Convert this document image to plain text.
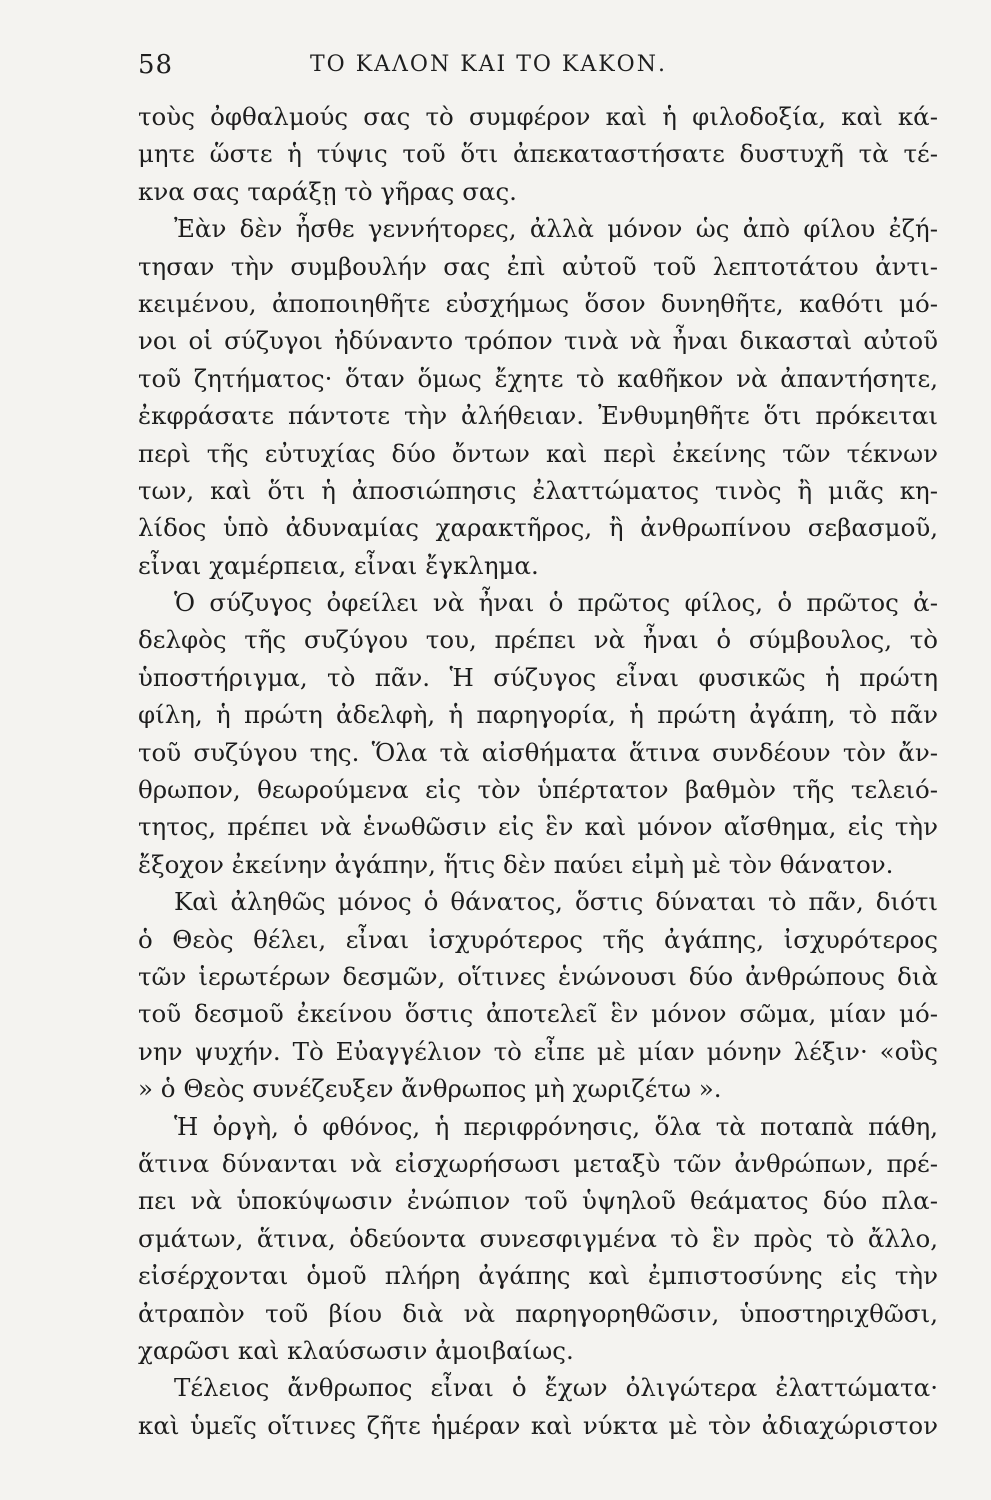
58	ΤΟ ΚΑΛΟΝ ΚΑΙ ΤΟ ΚΑΚΟΝ.
τοὺς ὀφθαλμούς σας τὸ συμφέρον καὶ ἡ φιλοδοξία, καὶ κά-
μητε ὥστε ἡ τύψις τοῦ ὅτι ἀπεκαταστήσατε δυστυχῆ τὰ τέ-
κνα σας ταράξῃ τὸ γῆρας σας.
Ἐὰν δὲν ἦσθε γεννήτορες, ἀλλὰ μόνον ὡς ἀπὸ φίλου ἐζή-
τησαν τὴν συμβουλήν σας ἐπὶ αὐτοῦ τοῦ λεπτοτάτου ἀντι-
κειμένου, ἀποποιηθῆτε εὐσχήμως ὅσον δυνηθῆτε, καθότι μό-
νοι οἱ σύζυγοι ἠδύναντο τρόπον τινὰ νὰ ἦναι δικασταὶ αὐτοῦ
τοῦ ζητήματος· ὅταν ὅμως ἔχητε τὸ καθῆκον νὰ ἀπαντήσητε,
ἐκφράσατε πάντοτε τὴν ἀλήθειαν. Ἐνθυμηθῆτε ὅτι πρόκειται
περὶ τῆς εὐτυχίας δύο ὄντων καὶ περὶ ἐκείνης τῶν τέκνων
των, καὶ ὅτι ἡ ἀποσιώπησις ἐλαττώματος τινὸς ἢ μιᾶς κη-
λίδος ὑπὸ ἀδυναμίας χαρακτῆρος, ἢ ἀνθρωπίνου σεβασμοῦ,
εἶναι χαμέρπεια, εἶναι ἔγκλημα.
Ὁ σύζυγος ὀφείλει νὰ ἦναι ὁ πρῶτος φίλος, ὁ πρῶτος ἀ-
δελφὸς τῆς συζύγου του, πρέπει νὰ ἦναι ὁ σύμβουλος, τὸ
ὑποστήριγμα, τὸ πᾶν. Ἡ σύζυγος εἶναι φυσικῶς ἡ πρώτη
φίλη, ἡ πρώτη ἀδελφὴ, ἡ παρηγορία, ἡ πρώτη ἀγάπη, τὸ πᾶν
τοῦ συζύγου της. Ὅλα τὰ αἰσθήματα ἅτινα συνδέουν τὸν ἄν-
θρωπον, θεωρούμενα εἰς τὸν ὑπέρτατον βαθμὸν τῆς τελειό-
τητος, πρέπει νὰ ἑνωθῶσιν εἰς ἓν καὶ μόνον αἴσθημα, εἰς τὴν
ἔξοχον ἐκείνην ἀγάπην, ἥτις δὲν παύει εἰμὴ μὲ τὸν θάνατον.
Καὶ ἀληθῶς μόνος ὁ θάνατος, ὅστις δύναται τὸ πᾶν, διότι
ὁ Θεὸς θέλει, εἶναι ἰσχυρότερος τῆς ἀγάπης, ἰσχυρότερος
τῶν ἱερωτέρων δεσμῶν, οἵτινες ἑνώνουσι δύο ἀνθρώπους διὰ
τοῦ δεσμοῦ ἐκείνου ὅστις ἀποτελεῖ ἓν μόνον σῶμα, μίαν μό-
νην ψυχήν. Τὸ Εὐαγγέλιον τὸ εἶπε μὲ μίαν μόνην λέξιν· «οὓς
» ὁ Θεὸς συνέζευξεν ἄνθρωπος μὴ χωριζέτω ».
Ἡ ὀργὴ, ὁ φθόνος, ἡ περιφρόνησις, ὅλα τὰ ποταπὰ πάθη,
ἅτινα δύνανται νὰ εἰσχωρήσωσι μεταξὺ τῶν ἀνθρώπων, πρέ-
πει νὰ ὑποκύψωσιν ἐνώπιον τοῦ ὑψηλοῦ θεάματος δύο πλα-
σμάτων, ἅτινα, ὁδεύοντα συνεσφιγμένα τὸ ἓν πρὸς τὸ ἄλλο,
εἰσέρχονται ὁμοῦ πλήρη ἀγάπης καὶ ἐμπιστοσύνης εἰς τὴν
ἀτραπὸν τοῦ βίου διὰ νὰ παρηγορηθῶσιν, ὑποστηριχθῶσι,
χαρῶσι καὶ κλαύσωσιν ἀμοιβαίως.
Τέλειος ἄνθρωπος εἶναι ὁ ἔχων ὀλιγώτερα ἐλαττώματα·
καὶ ὑμεῖς οἵτινες ζῆτε ἡμέραν καὶ νύκτα μὲ τὸν ἀδιαχώριστον
